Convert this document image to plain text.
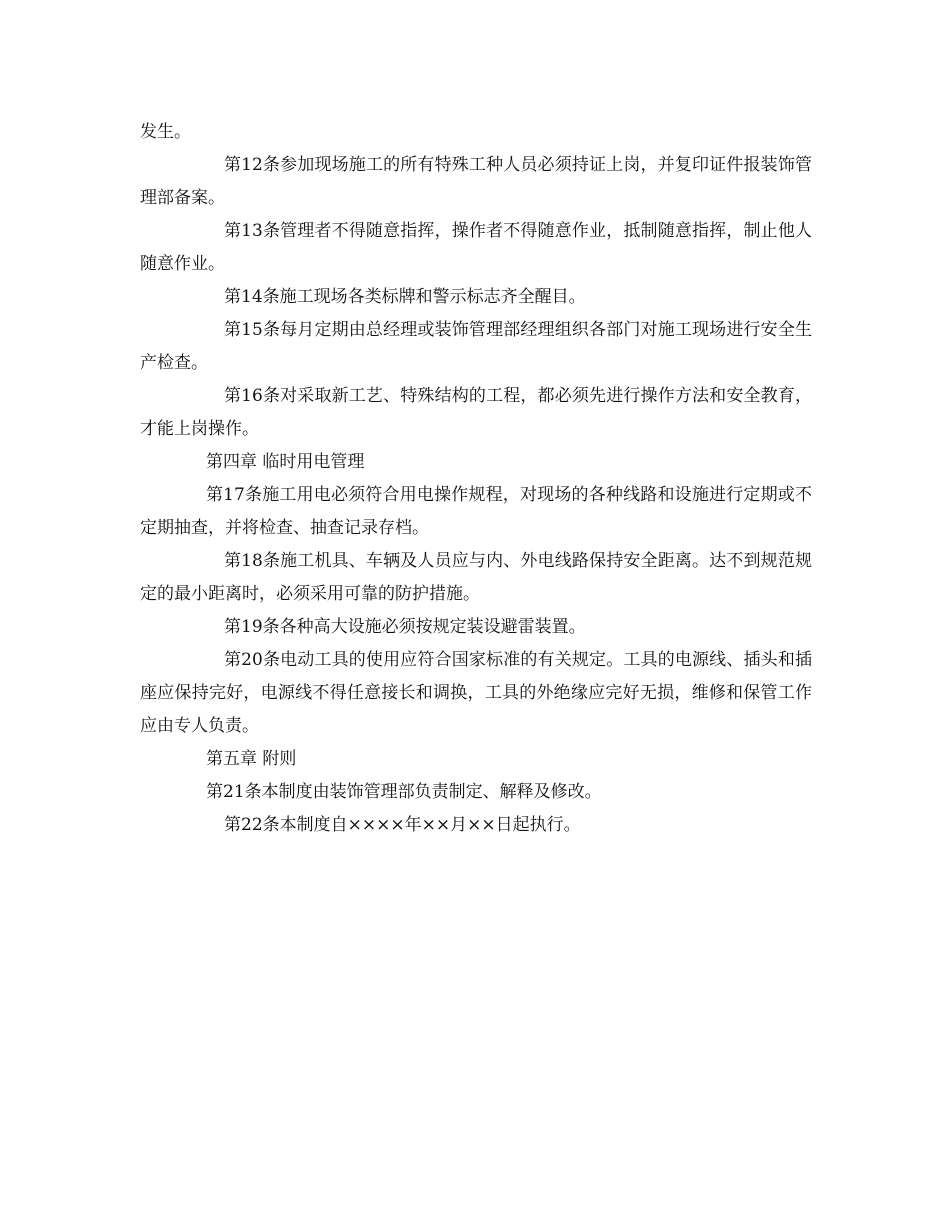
发生。

第12条参加现场施工的所有特殊工种人员必须持证上岗，并复印证件报装饰管理部备案。

第13条管理者不得随意指挥，操作者不得随意作业，抵制随意指挥，制止他人随意作业。

第14条施工现场各类标牌和警示标志齐全醒目。

第15条每月定期由总经理或装饰管理部经理组织各部门对施工现场进行安全生产检查。

第16条对采取新工艺、特殊结构的工程，都必须先进行操作方法和安全教育，才能上岗操作。

第四章 临时用电管理

第17条施工用电必须符合用电操作规程，对现场的各种线路和设施进行定期或不定期抽查，并将检查、抽查记录存档。

第18条施工机具、车辆及人员应与内、外电线路保持安全距离。达不到规范规定的最小距离时，必须采用可靠的防护措施。

第19条各种高大设施必须按规定装设避雷装置。

第20条电动工具的使用应符合国家标准的有关规定。工具的电源线、插头和插座应保持完好，电源线不得任意接长和调换，工具的外绝缘应完好无损，维修和保管工作应由专人负责。

第五章 附则

第21条本制度由装饰管理部负责制定、解释及修改。

第22条本制度自××××年××月××日起执行。
